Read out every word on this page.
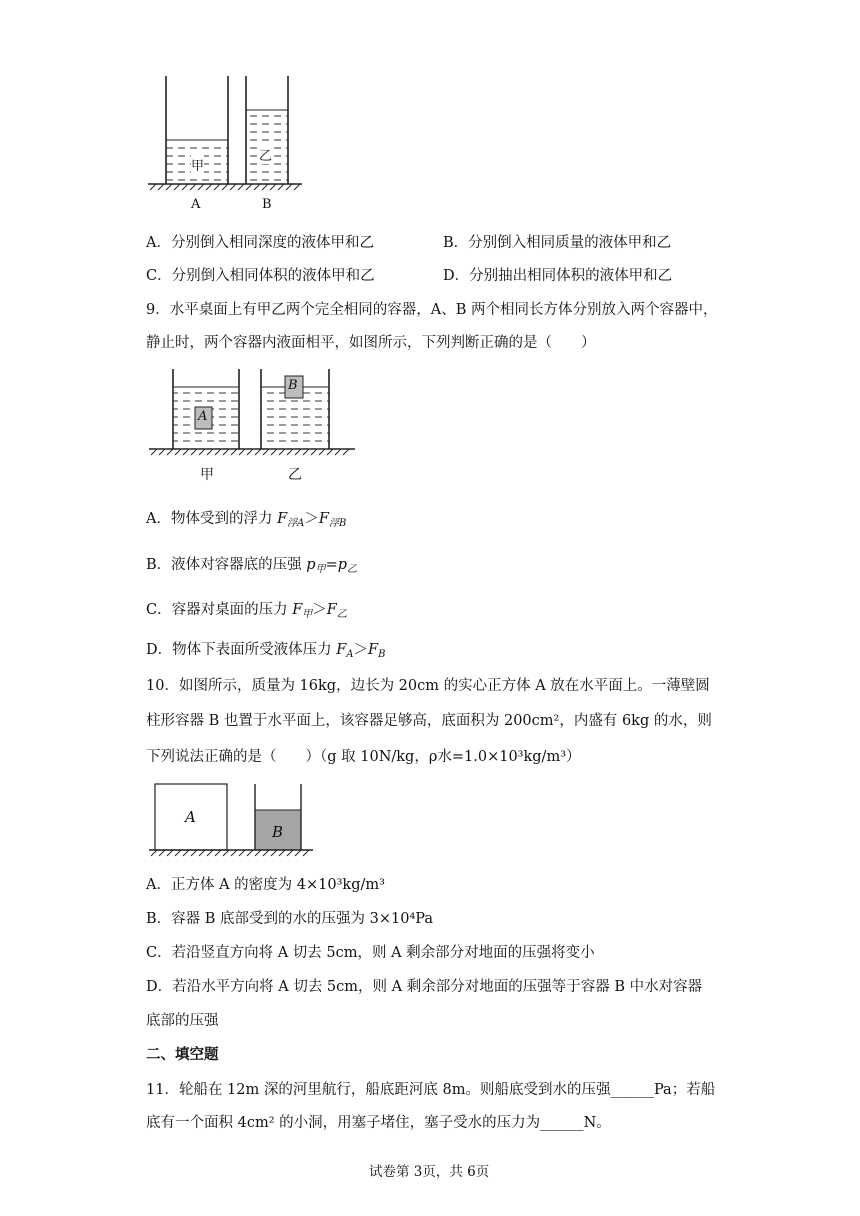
甲
乙
A	B
A．分别倒入相同深度的液体甲和乙	B．分别倒入相同质量的液体甲和乙
C．分别倒入相同体积的液体甲和乙	D．分别抽出相同体积的液体甲和乙
9．水平桌面上有甲乙两个完全相同的容器，A、B 两个相同长方体分别放入两个容器中，
静止时，两个容器内液面相平，如图所示，下列判断正确的是（　　）
A
B
甲	乙
A．物体受到的浮力 $F_{浮A}>F_{浮B}$
B．液体对容器底的压强 $p_甲=p_乙$
C．容器对桌面的压力 $F_甲>F_乙$
D．物体下表面所受液体压力 $F_A>F_B$
10．如图所示，质量为 16kg，边长为 20cm 的实心正方体 A 放在水平面上。一薄壁圆
柱形容器 B 也置于水平面上，该容器足够高，底面积为 200cm²，内盛有 6kg 的水，则
下列说法正确的是（　　）（g 取 10N/kg，ρ水=1.0×10³kg/m³）
A
B
A．正方体 A 的密度为 4×10³kg/m³
B．容器 B 底部受到的水的压强为 3×10⁴Pa
C．若沿竖直方向将 A 切去 5cm，则 A 剩余部分对地面的压强将变小
D．若沿水平方向将 A 切去 5cm，则 A 剩余部分对地面的压强等于容器 B 中水对容器
底部的压强
二、填空题
11．轮船在 12m 深的河里航行，船底距河底 8m。则船底受到水的压强______Pa；若船
底有一个面积 4cm² 的小洞，用塞子堵住，塞子受水的压力为______N。
试卷第 3页，共 6页
